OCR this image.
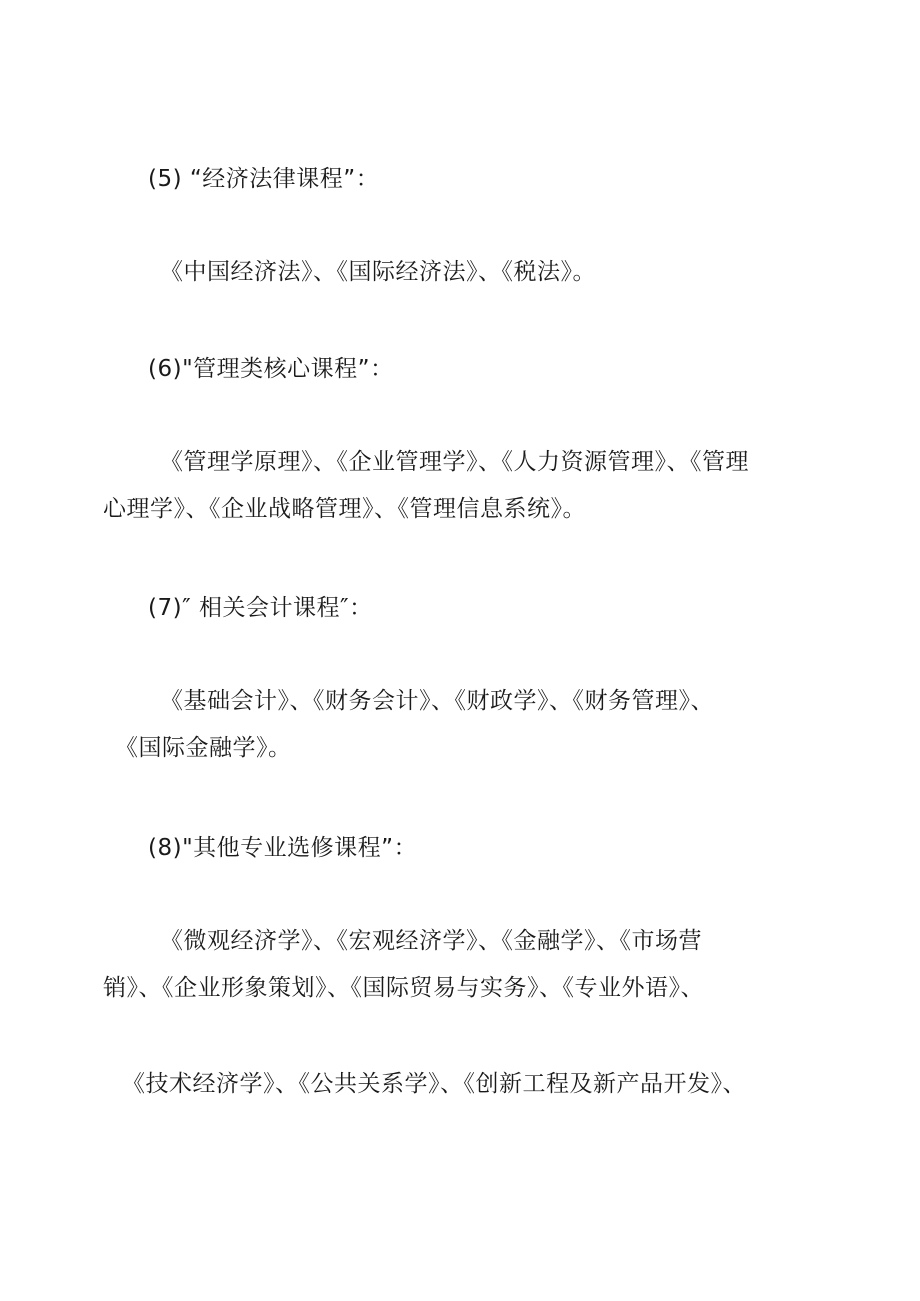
(5) “经济法律课程”：
《中国经济法》、《国际经济法》、《税法》。
(6)"管理类核心课程”：
《管理学原理》、《企业管理学》、《人力资源管理》、《管理
心理学》、《企业战略管理》、《管理信息系统》。
(7)″ 相关会计课程″：
《基础会计》、《财务会计》、《财政学》、《财务管理》、
《国际金融学》。
(8)"其他专业选修课程”：
《微观经济学》、《宏观经济学》、《金融学》、《市场营
销》、《企业形象策划》、《国际贸易与实务》、《专业外语》、
《技术经济学》、《公共关系学》、《创新工程及新产品开发》、
